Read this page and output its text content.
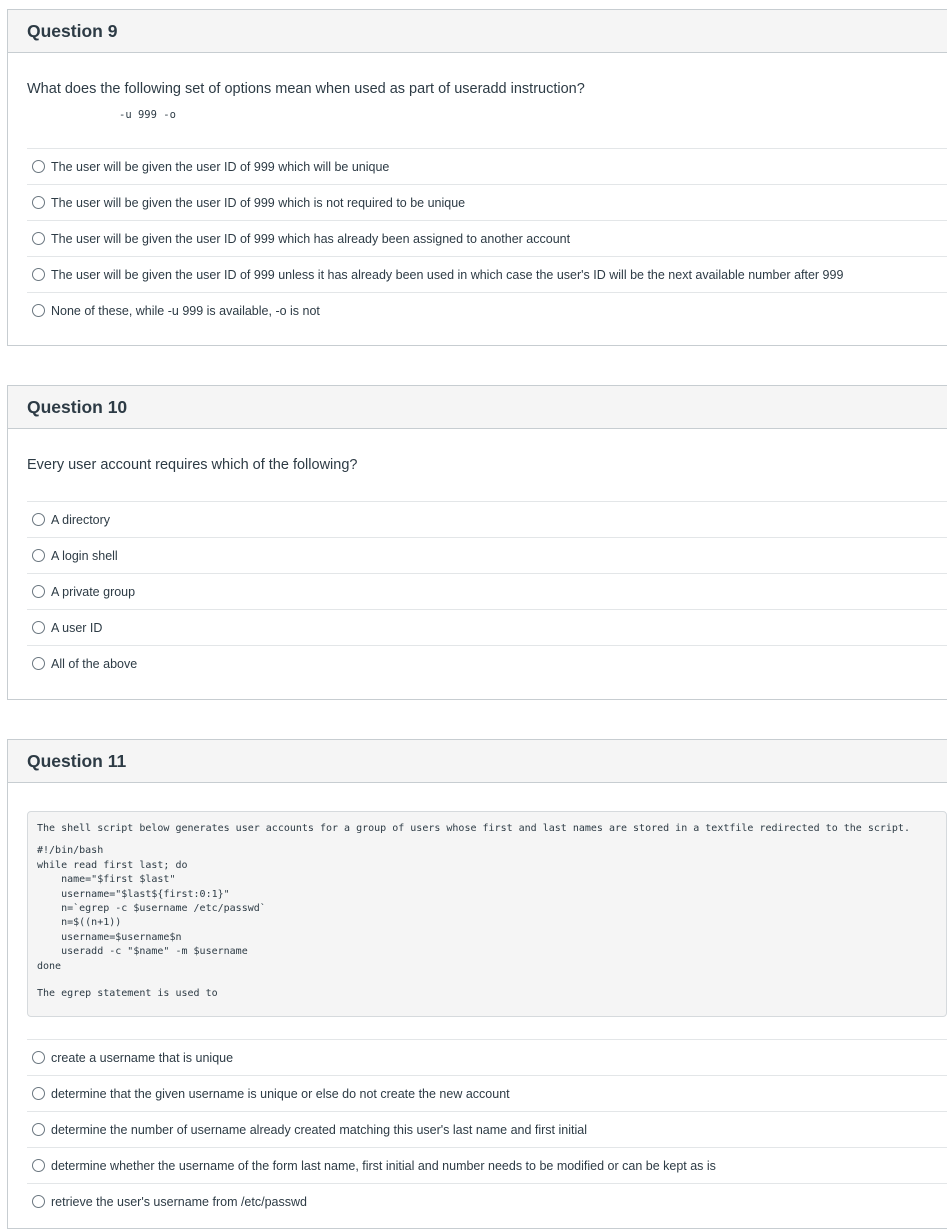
Question 9
What does the following set of options mean when used as part of useradd instruction?
-u 999 -o
The user will be given the user ID of 999 which will be unique
The user will be given the user ID of 999 which is not required to be unique
The user will be given the user ID of 999 which has already been assigned to another account
The user will be given the user ID of 999 unless it has already been used in which case the user's ID will be the next available number after 999
None of these, while -u 999 is available, -o is not
Question 10
Every user account requires which of the following?
A directory
A login shell
A private group
A user ID
All of the above
Question 11
The shell script below generates user accounts for a group of users whose first and last names are stored in a textfile redirected to the script.
#!/bin/bash
while read first last; do
name="$first $last"
username="$last${first:0:1}"
n=`egrep -c $username /etc/passwd`
n=$((n+1))
username=$username$n
useradd -c "$name" -m $username
done
The egrep statement is used to
create a username that is unique
determine that the given username is unique or else do not create the new account
determine the number of username already created matching this user's last name and first initial
determine whether the username of the form last name, first initial and number needs to be modified or can be kept as is
retrieve the user's username from /etc/passwd
